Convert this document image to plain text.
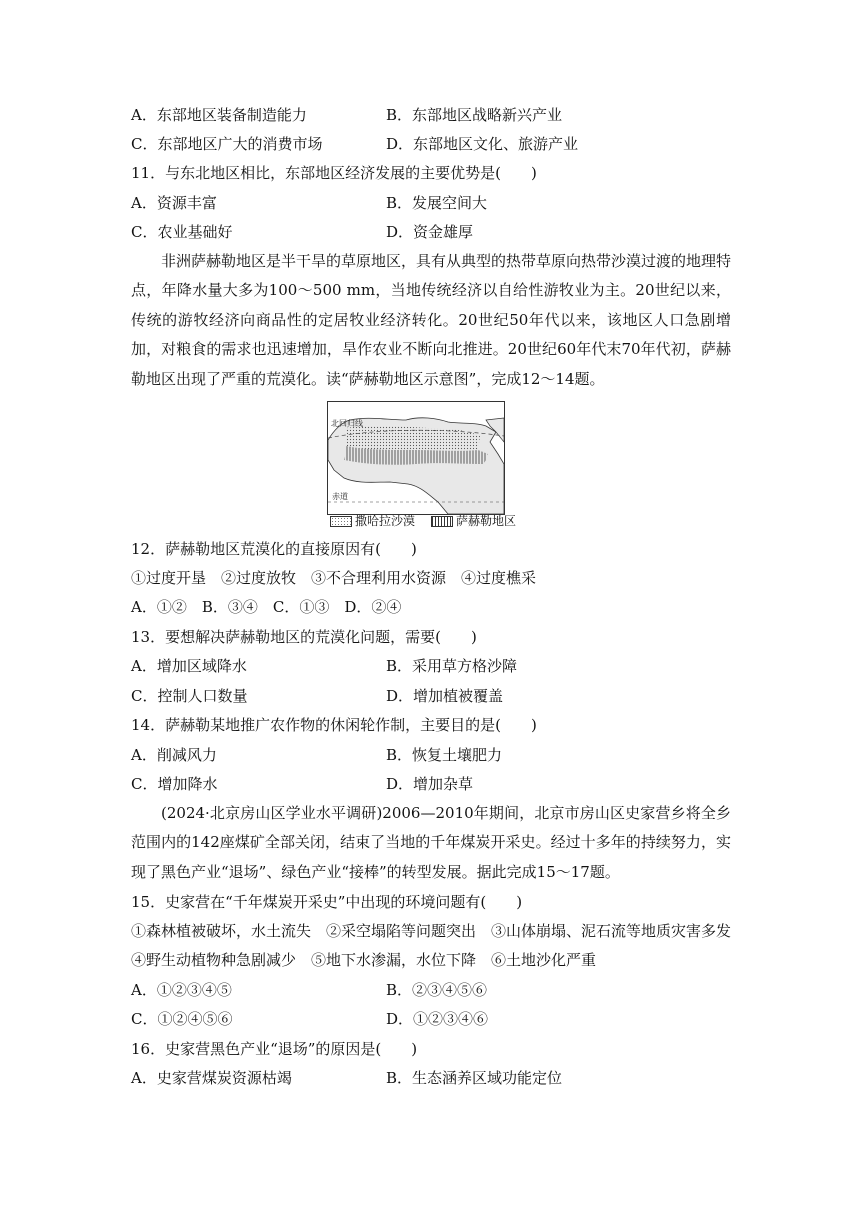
A．东部地区装备制造能力	B．东部地区战略新兴产业
C．东部地区广大的消费市场	D．东部地区文化、旅游产业
11．与东北地区相比，东部地区经济发展的主要优势是(　　)
A．资源丰富	B．发展空间大
C．农业基础好	D．资金雄厚
非洲萨赫勒地区是半干旱的草原地区，具有从典型的热带草原向热带沙漠过渡的地理特点，年降水量大多为100～500 mm，当地传统经济以自给性游牧业为主。20世纪以来，传统的游牧经济向商品性的定居牧业经济转化。20世纪50年代以来，该地区人口急剧增加，对粮食的需求也迅速增加，旱作农业不断向北推进。20世纪60年代末70年代初，萨赫勒地区出现了严重的荒漠化。读“萨赫勒地区示意图”，完成12～14题。
北回归线
赤道
撒哈拉沙漠	萨赫勒地区
12．萨赫勒地区荒漠化的直接原因有(　　)
①过度开垦　②过度放牧　③不合理利用水资源　④过度樵采
A．①②　B．③④　C．①③　D．②④
13．要想解决萨赫勒地区的荒漠化问题，需要(　　)
A．增加区域降水	B．采用草方格沙障
C．控制人口数量	D．增加植被覆盖
14．萨赫勒某地推广农作物的休闲轮作制，主要目的是(　　)
A．削减风力	B．恢复土壤肥力
C．增加降水	D．增加杂草
(2024·北京房山区学业水平调研)2006—2010年期间，北京市房山区史家营乡将全乡范围内的142座煤矿全部关闭，结束了当地的千年煤炭开采史。经过十多年的持续努力，实现了黑色产业“退场”、绿色产业“接棒”的转型发展。据此完成15～17题。
15．史家营在“千年煤炭开采史”中出现的环境问题有(　　)
①森林植被破坏，水土流失　②采空塌陷等问题突出　③山体崩塌、泥石流等地质灾害多发
④野生动植物种急剧减少　⑤地下水渗漏，水位下降　⑥土地沙化严重
A．①②③④⑤	B．②③④⑤⑥
C．①②④⑤⑥	D．①②③④⑥
16．史家营黑色产业“退场”的原因是(　　)
A．史家营煤炭资源枯竭	B．生态涵养区域功能定位
